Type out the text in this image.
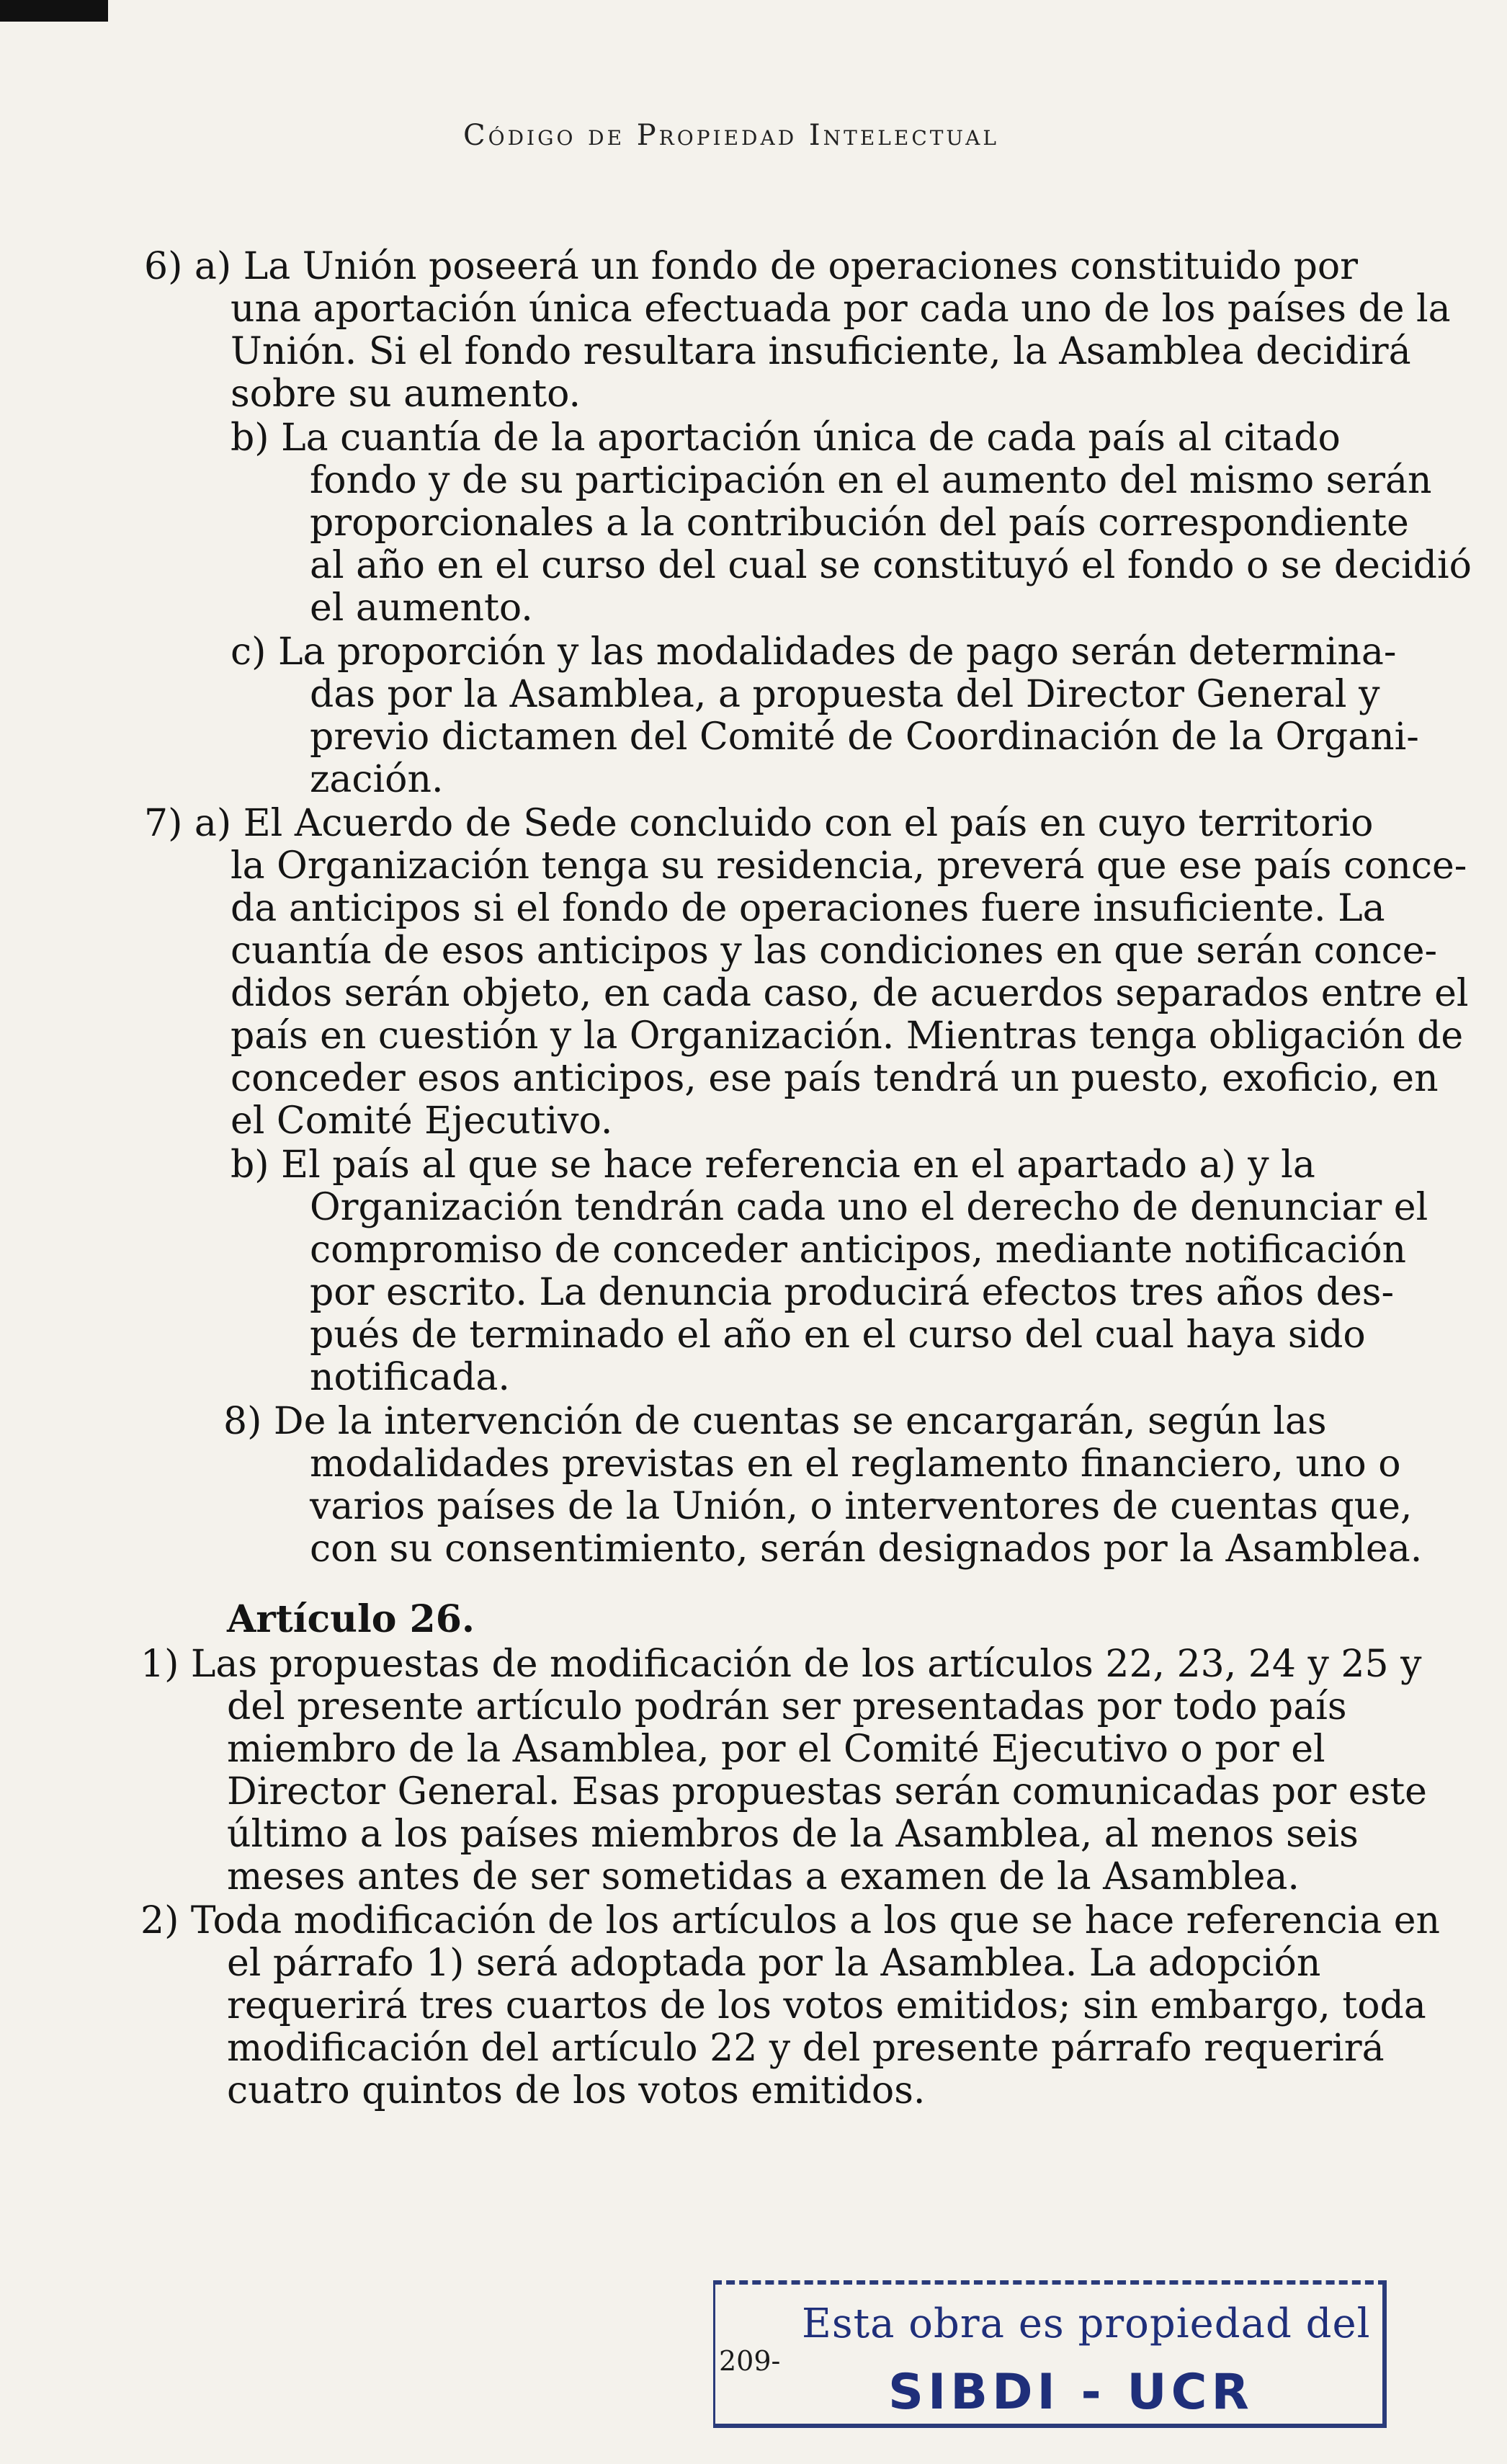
Código de Propiedad Intelectual
6) a) La Unión poseerá un fondo de operaciones constituido por
una aportación única efectuada por cada uno de los países de la
Unión. Si el fondo resultara insuficiente, la Asamblea decidirá
sobre su aumento.
b) La cuantía de la aportación única de cada país al citado
fondo y de su participación en el aumento del mismo serán
proporcionales a la contribución del país correspondiente
al año en el curso del cual se constituyó el fondo o se decidió
el aumento.
c) La proporción y las modalidades de pago serán determina-
das por la Asamblea, a propuesta del Director General y
previo dictamen del Comité de Coordinación de la Organi-
zación.
7) a) El Acuerdo de Sede concluido con el país en cuyo territorio
la Organización tenga su residencia, preverá que ese país conce-
da anticipos si el fondo de operaciones fuere insuficiente. La
cuantía de esos anticipos y las condiciones en que serán conce-
didos serán objeto, en cada caso, de acuerdos separados entre el
país en cuestión y la Organización. Mientras tenga obligación de
conceder esos anticipos, ese país tendrá un puesto, exoficio, en
el Comité Ejecutivo.
b) El país al que se hace referencia en el apartado a) y la
Organización tendrán cada uno el derecho de denunciar el
compromiso de conceder anticipos, mediante notificación
por escrito. La denuncia producirá efectos tres años des-
pués de terminado el año en el curso del cual haya sido
notificada.
8) De la intervención de cuentas se encargarán, según las
modalidades previstas en el reglamento financiero, uno o
varios países de la Unión, o interventores de cuentas que,
con su consentimiento, serán designados por la Asamblea.
Artículo 26.
1) Las propuestas de modificación de los artículos 22, 23, 24 y 25 y
del presente artículo podrán ser presentadas por todo país
miembro de la Asamblea, por el Comité Ejecutivo o por el
Director General. Esas propuestas serán comunicadas por este
último a los países miembros de la Asamblea, al menos seis
meses antes de ser sometidas a examen de la Asamblea.
2) Toda modificación de los artículos a los que se hace referencia en
el párrafo 1) será adoptada por la Asamblea. La adopción
requerirá tres cuartos de los votos emitidos; sin embargo, toda
modificación del artículo 22 y del presente párrafo requerirá
cuatro quintos de los votos emitidos.
Esta obra es propiedad del
SIBDI - UCR
209-
